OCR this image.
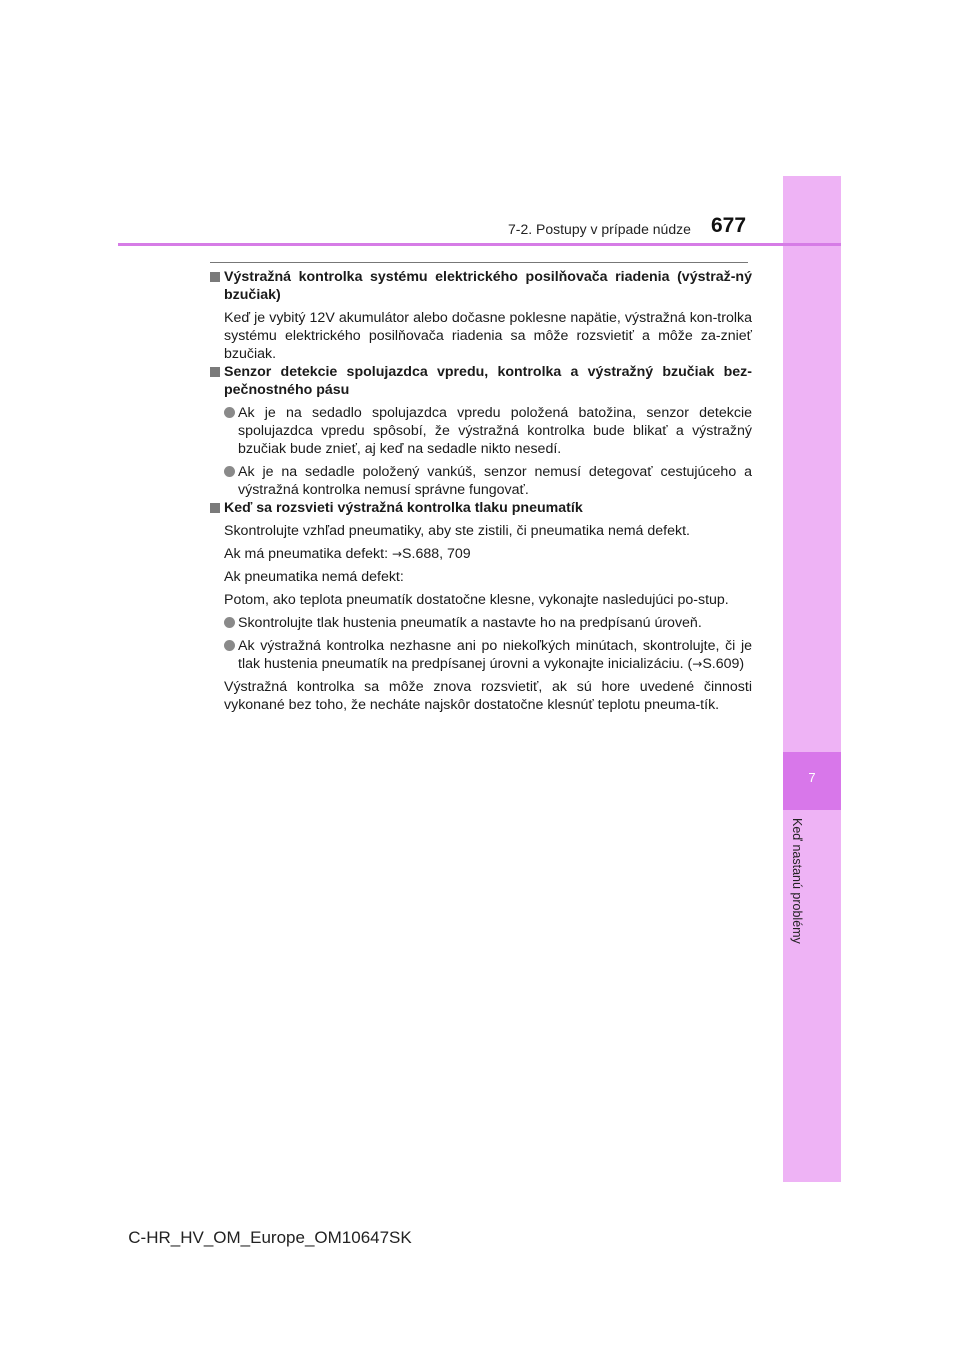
7
Keď nastanú problémy
7-2. Postupy v prípade núdze 677
Výstražná kontrolka systému elektrického posilňovača riadenia (výstraž-ný bzučiak)
Keď je vybitý 12V akumulátor alebo dočasne poklesne napätie, výstražná kon-trolka systému elektrického posilňovača riadenia sa môže rozsvietiť a môže za-znieť bzučiak.
Senzor detekcie spolujazdca vpredu, kontrolka a výstražný bzučiak bez-pečnostného pásu
Ak je na sedadlo spolujazdca vpredu položená batožina, senzor detekcie spolujazdca vpredu spôsobí, že výstražná kontrolka bude blikať a výstražný bzučiak bude znieť, aj keď na sedadle nikto nesedí.
Ak je na sedadle položený vankúš, senzor nemusí detegovať cestujúceho a výstražná kontrolka nemusí správne fungovať.
Keď sa rozsvieti výstražná kontrolka tlaku pneumatík
Skontrolujte vzhľad pneumatiky, aby ste zistili, či pneumatika nemá defekt.
Ak má pneumatika defekt: →S.688, 709
Ak pneumatika nemá defekt:
Potom, ako teplota pneumatík dostatočne klesne, vykonajte nasledujúci po-stup.
Skontrolujte tlak hustenia pneumatík a nastavte ho na predpísanú úroveň.
Ak výstražná kontrolka nezhasne ani po niekoľkých minútach, skontrolujte, či je tlak hustenia pneumatík na predpísanej úrovni a vykonajte inicializáciu. (→S.609)
Výstražná kontrolka sa môže znova rozsvietiť, ak sú hore uvedené činnosti vykonané bez toho, že necháte najskôr dostatočne klesnúť teplotu pneuma-tík.
C-HR_HV_OM_Europe_OM10647SK
